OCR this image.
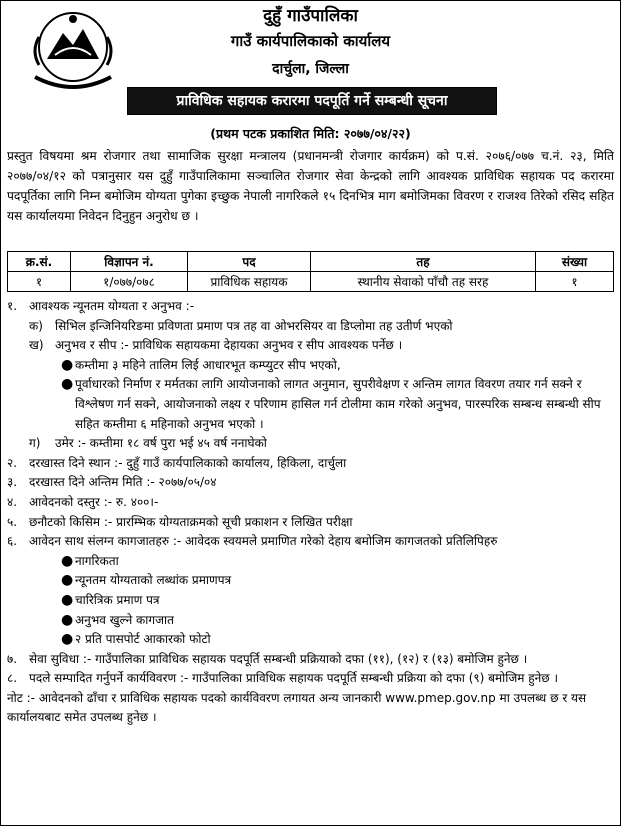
दुहुँ गाउँपालिका
गाउँ कार्यपालिकाको कार्यालय
दार्चुला, जिल्ला
प्राविधिक सहायक करारमा पदपूर्ति गर्ने सम्बन्धी सूचना
(प्रथम पटक प्रकाशित मिति: २०७७/०४/२२)
प्रस्तुत विषयमा श्रम रोजगार तथा सामाजिक सुरक्षा मन्त्रालय (प्रधानमन्त्री रोजगार कार्यक्रम) को प.सं. २०७६/०७७ च.नं. २३, मिति २०७७/०४/१२ को पत्रानुसार यस दुहुँ गाउँपालिकामा सञ्चालित रोजगार सेवा केन्द्रको लागि आवश्यक प्राविधिक सहायक पद करारमा पदपूर्तिका लागि निम्न बमोजिम योग्यता पुगेका इच्छुक नेपाली नागरिकले १५ दिनभित्र माग बमोजिमका विवरण र राजश्व तिरेको रसिद सहित यस कार्यालयमा निवेदन दिनुहुन अनुरोध छ ।
क्र.सं.	विज्ञापन नं.	पद	तह	संख्या
१	१/०७७/०७८	प्राविधिक सहायक	स्थानीय सेवाको पाँचौ तह सरह	१
१. आवश्यक न्यूनतम योग्यता र अनुभव :-
क)	सिभिल इन्जिनियरिङमा प्रविणता प्रमाण पत्र तह वा ओभरसियर वा डिप्लोमा तह उतीर्ण भएको
ख) अनुभव र सीप :- प्राविधिक सहायकमा देहायका अनुभव र सीप आवश्यक पर्नेछ ।
● कम्तीमा ३ महिने तालिम लिई आधारभूत कम्प्युटर सीप भएको,
● पूर्वाधारको निर्माण र मर्मतका लागि आयोजनाको लागत अनुमान, सुपरीवेक्षण र अन्तिम लागत विवरण तयार गर्न सक्ने र विश्लेषण गर्न सक्ने, आयोजनाको लक्ष्य र परिणाम हासिल गर्न टोलीमा काम गरेको अनुभव, पारस्परिक सम्बन्ध सम्बन्धी सीप सहित कम्तीमा ६ महिनाको अनुभव भएको ।
ग)	उमेर :- कम्तीमा १८ वर्ष पुरा भई ४५ वर्ष ननाघेको
२. दरखास्त दिने स्थान :- दुहुँ गाउँ कार्यपालिकाको कार्यालय, हिकिला, दार्चुला
३. दरखास्त दिने अन्तिम मिति :- २०७७/०५/०४
४. आवेदनको दस्तुर :- रु. ४००।-
५. छनौटको किसिम :- प्रारम्भिक योग्यताक्रमको सूची प्रकाशन र लिखित परीक्षा
६. आवेदन साथ संलग्न कागजातहरु :- आवेदक स्वयमले प्रमाणित गरेको देहाय बमोजिम कागजतको प्रतिलिपिहरु
● नागरिकता
● न्यूनतम योग्यताको लब्धांक प्रमाणपत्र
● चारित्रिक प्रमाण पत्र
● अनुभव खुल्ने कागजात
● २ प्रति पासपोर्ट आकारको फोटो
७. सेवा सुविधा :- गाउँपालिका प्राविधिक सहायक पदपूर्ति सम्बन्धी प्रक्रियाको दफा (११), (१२) र (१३) बमोजिम हुनेछ ।
८. पदले सम्पादित गर्नुपर्ने कार्यविवरण :- गाउँपालिका प्राविधिक सहायक पदपूर्ति सम्बन्धी प्रक्रिया को दफा (९) बमोजिम हुनेछ ।
नोट :- आवेदनको ढाँचा र प्राविधिक सहायक पदको कार्यविवरण लगायत अन्य जानकारी www.pmep.gov.np मा उपलब्ध छ र यस कार्यालयबाट समेत उपलब्ध हुनेछ ।
